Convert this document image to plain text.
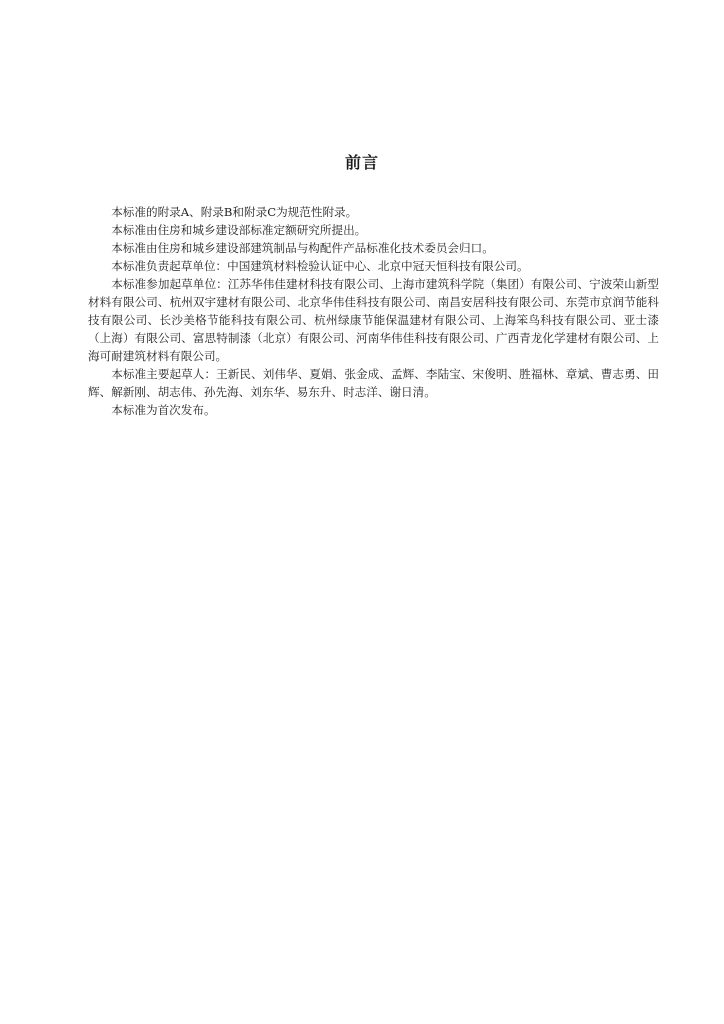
前言

本标准的附录A、附录B和附录C为规范性附录。

本标准由住房和城乡建设部标准定额研究所提出。

本标准由住房和城乡建设部建筑制品与构配件产品标准化技术委员会归口。

本标准负责起草单位：中国建筑材料检验认证中心、北京中冠天恒科技有限公司。

本标准参加起草单位：江苏华伟佳建材科技有限公司、上海市建筑科学院（集团）有限公司、宁波荣山新型材料有限公司、杭州双宇建材有限公司、北京华伟佳科技有限公司、南昌安居科技有限公司、东莞市京润节能科技有限公司、长沙美格节能科技有限公司、杭州绿康节能保温建材有限公司、上海笨鸟科技有限公司、亚士漆（上海）有限公司、富思特制漆（北京）有限公司、河南华伟佳科技有限公司、广西青龙化学建材有限公司、上海可耐建筑材料有限公司。

本标准主要起草人：王新民、刘伟华、夏娟、张金成、孟辉、李陆宝、宋俊明、胜福林、章斌、曹志勇、田辉、解新刚、胡志伟、孙先海、刘东华、易东升、时志洋、谢日清。

本标准为首次发布。
